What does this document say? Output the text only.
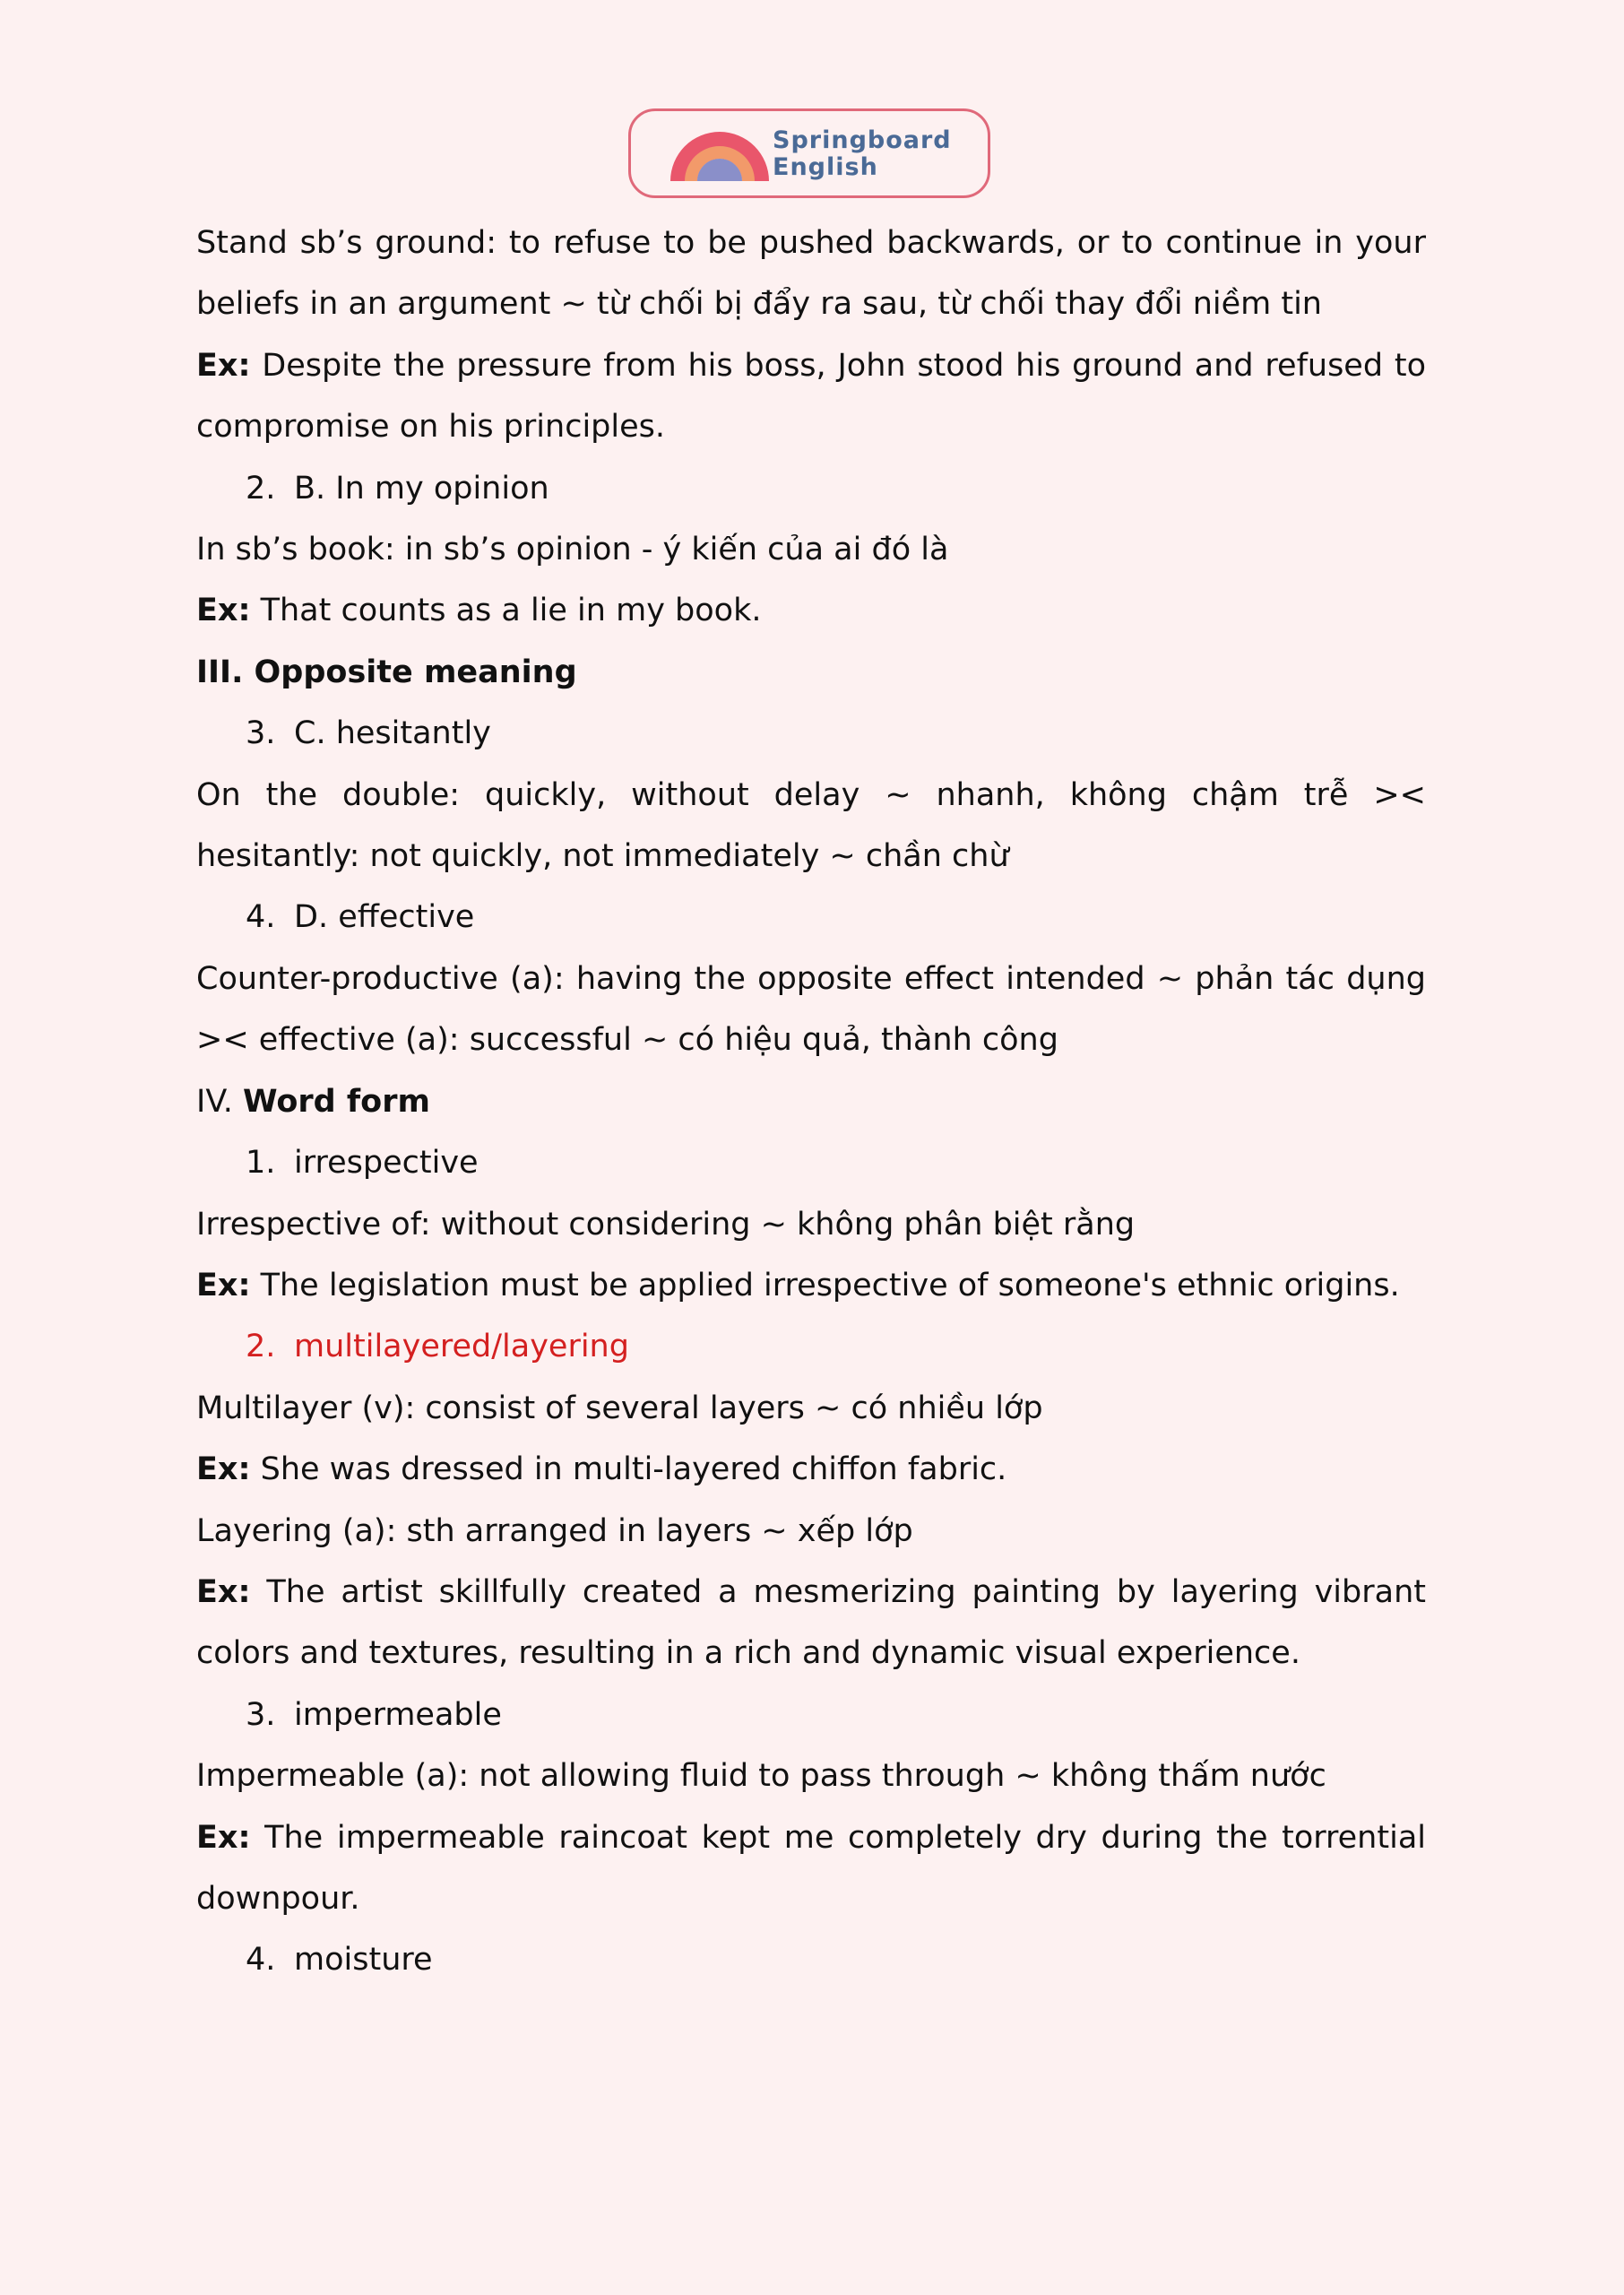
Springboard
English

Stand sb’s ground: to refuse to be pushed backwards, or to continue in your beliefs in an argument ~ từ chối bị đẩy ra sau, từ chối thay đổi niềm tin

Ex: Despite the pressure from his boss, John stood his ground and refused to compromise on his principles.

2. B. In my opinion

In sb’s book: in sb’s opinion - ý kiến của ai đó là

Ex: That counts as a lie in my book.

III. Opposite meaning

3. C. hesitantly

On the double: quickly, without delay ~ nhanh, không chậm trễ >< hesitantly: not quickly, not immediately ~ chần chừ

4. D. effective

Counter-productive (a): having the opposite effect intended ~ phản tác dụng >< effective (a): successful ~ có hiệu quả, thành công

IV. Word form

1. irrespective

Irrespective of: without considering ~ không phân biệt rằng

Ex: The legislation must be applied irrespective of someone's ethnic origins.

2. multilayered/layering

Multilayer (v): consist of several layers ~ có nhiều lớp

Ex: She was dressed in multi-layered chiffon fabric.

Layering (a): sth arranged in layers ~ xếp lớp

Ex: The artist skillfully created a mesmerizing painting by layering vibrant colors and textures, resulting in a rich and dynamic visual experience.

3. impermeable

Impermeable (a): not allowing fluid to pass through ~ không thấm nước

Ex: The impermeable raincoat kept me completely dry during the torrential downpour.

4. moisture
